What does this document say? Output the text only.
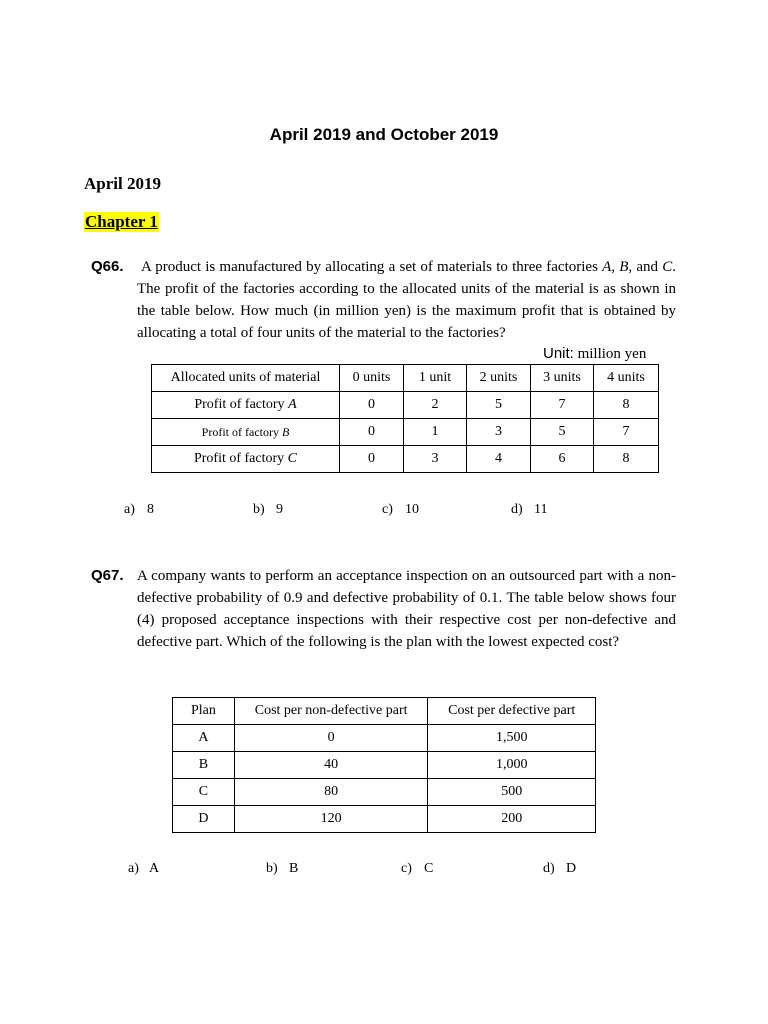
April 2019 and October 2019
April 2019
Chapter 1
Q66. A product is manufactured by allocating a set of materials to three factories A, B, and C. The profit of the factories according to the allocated units of the material is as shown in the table below. How much (in million yen) is the maximum profit that is obtained by allocating a total of four units of the material to the factories?
Unit: million yen
Allocated units of material	0 units	1 unit	2 units	3 units	4 units
Profit of factory A	0	2	5	7	8
Profit of factory B	0	1	3	5	7
Profit of factory C	0	3	4	6	8
a) 8	b) 9	c) 10	d) 11
Q67. A company wants to perform an acceptance inspection on an outsourced part with a non-defective probability of 0.9 and defective probability of 0.1. The table below shows four (4) proposed acceptance inspections with their respective cost per non-defective and defective part. Which of the following is the plan with the lowest expected cost?
Plan	Cost per non-defective part	Cost per defective part
A	0	1,500
B	40	1,000
C	80	500
D	120	200
a) A	b) B	c) C	d) D
